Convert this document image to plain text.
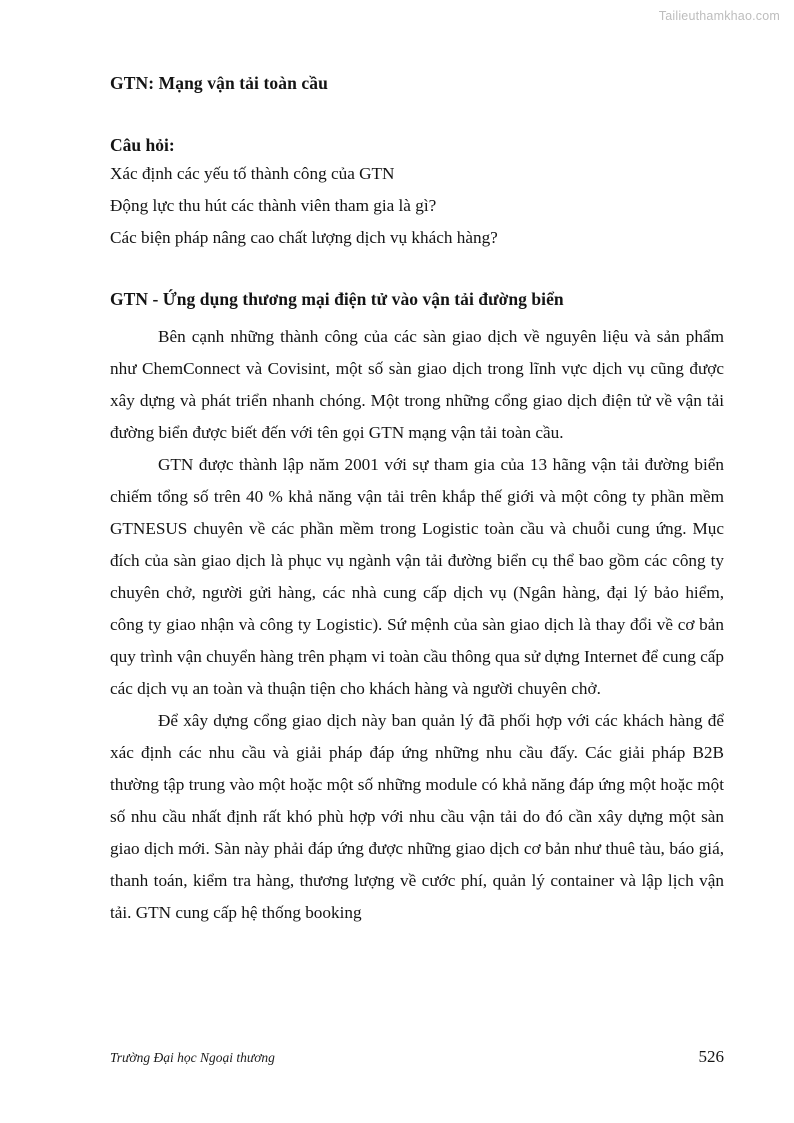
Tailieuthamkhao.com
GTN: Mạng vận tải toàn cầu
Câu hỏi:
Xác định các yếu tố thành công của GTN
Động lực thu hút các thành viên tham gia là gì?
Các biện pháp nâng cao chất lượng dịch vụ khách hàng?
GTN - Ứng dụng thương mại điện tử vào vận tải đường biển

Bên cạnh những thành công của các sàn giao dịch về nguyên liệu và sản phẩm như ChemConnect và Covisint, một số sàn giao dịch trong lĩnh vực dịch vụ cũng được xây dựng và phát triển nhanh chóng. Một trong những cổng giao dịch điện tử về vận tải đường biển được biết đến với tên gọi GTN mạng vận tải toàn cầu.

GTN được thành lập năm 2001 với sự tham gia của 13 hãng vận tải đường biển chiếm tổng số trên 40 % khả năng vận tải trên khắp thế giới và một công ty phần mềm GTNESUS chuyên về các phần mềm trong Logistic toàn cầu và chuỗi cung ứng. Mục đích của sàn giao dịch là phục vụ ngành vận tải đường biển cụ thể bao gồm các công ty chuyên chở, người gửi hàng, các nhà cung cấp dịch vụ (Ngân hàng, đại lý bảo hiểm, công ty giao nhận và công ty Logistic). Sứ mệnh của sàn giao dịch là thay đổi về cơ bản quy trình vận chuyển hàng trên phạm vi toàn cầu thông qua sử dựng Internet để cung cấp các dịch vụ an toàn và thuận tiện cho khách hàng và người chuyên chở.

Để xây dựng cổng giao dịch này ban quản lý đã phối hợp với các khách hàng để xác định các nhu cầu và giải pháp đáp ứng những nhu cầu đấy. Các giải pháp B2B thường tập trung vào một hoặc một số những module có khả năng đáp ứng một hoặc một số nhu cầu nhất định rất khó phù hợp với nhu cầu vận tải do đó cần xây dựng một sàn giao dịch mới. Sàn này phải đáp ứng được những giao dịch cơ bản như thuê tàu, báo giá, thanh toán, kiểm tra hàng, thương lượng về cước phí, quản lý container và lập lịch vận tải. GTN cung cấp hệ thống booking

Trường Đại học Ngoại thương	526
